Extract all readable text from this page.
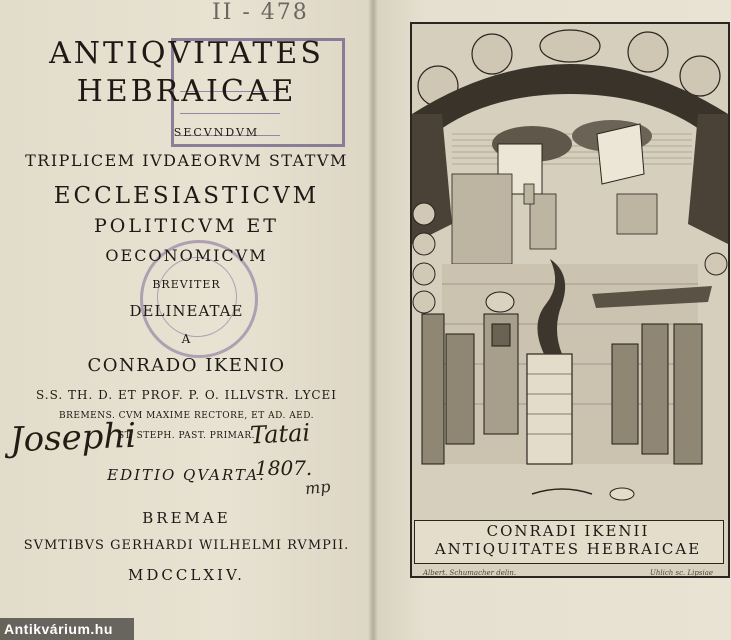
ANTIQVITATES
HEBRAICAE
SECVNDVM
TRIPLICEM IVDAEORVM STATVM
ECCLESIASTICVM
POLITICVM ET
OECONOMICVM
BREVITER
DELINEATAE
A
CONRADO IKENIO
S.S. TH. D. ET PROF. P. O. ILLVSTR. LYCEI
BREMENS. CVM MAXIME RECTORE, ET AD. AED.
ST. STEPH. PAST. PRIMAR.
EDITIO QVARTA.
BREMAE
SVMTIBVS GERHARDI WILHELMI RVMPII.
MDCCLXIV.
II - 478
Josephi	Tatai
1807.
mp
CONRADI IKENII
ANTIQUITATES HEBRAICAE
Albert. Schumacher delin.	Uhlich sc. Lipsiae
Antikvárium.hu
